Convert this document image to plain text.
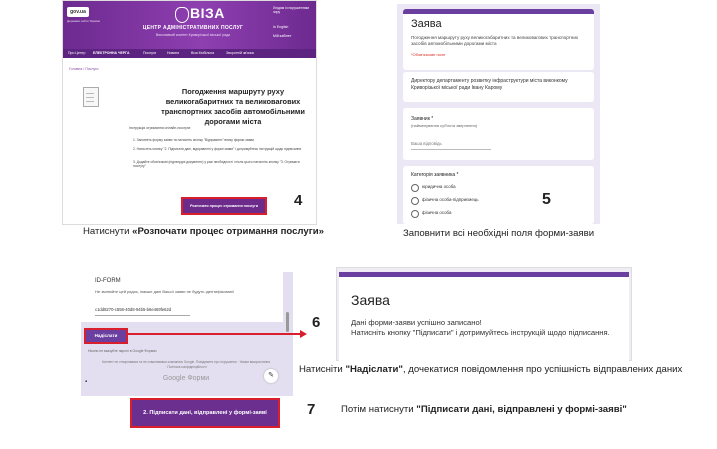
gov.ua
Державні сайти України	ВІЗА
ЦЕНТР АДМІНІСТРАТИВНИХ ПОСЛУГ
Виконавчий комітет Криворізької міської ради
Людям із порушенням зору
In English
Мій кабінет
Про Центр ЕЛЕКТРОННА ЧЕРГА	Послуги	Новини	Віза Мобільна	Зворотній зв'язок
Головна / Послуги
Погодження маршруту руху великогабаритних та великовагових транспортних засобів автомобільними дорогами міста
Інструкція отримання онлайн-послуги:
1. Заповніть форму заяви та натисніть кнопку "Відправити" внизу форми заяви
2. Натисніть кнопку "2. Підписати дані, відправлені у формі заяви" і дотримуйтесь інструкцій щодо підписання
3. Додайте обов'язкові (підтвердні документи) у разі необхідності і після цього натисніть кнопку "3. Отримати послугу"
Розпочати процес отримання послуги	4
Натиснути «Розпочати процес отримання послуги»
Заява
Погодження маршруту руху великогабаритних та великовагових транспортних засобів автомобільними дорогами міста
*Обов'язкове поле
Директору департаменту розвитку інфраструктури міста виконкому Криворізької міської ради Івану Карому
Заявник *
(найменування суб'єкта звернення)
Ваша відповідь
Категорія заявника *
юридична особа
фізична особа-підприємець
фізична особа
5
Заповнити всі необхідні поля форми-заяви
ID-FORM
Не змінюйте цей рядок, інакше дані Вашої заяви не будуть ідентифіковані!
c1dd8270-c558-40d8-94b5-b6e469fe62d
Надіслати
Ніколи не вказуйте паролі в Google Формах
Контент не створювався та не схвалювався компанією Google. Повідомити про порушення · Умови використання · Політика конфіденційності
Google Форми	✎
▪
6
Заява
Дані форми-заяви успішно записано!
Натисніть кнопку "Підписати" і дотримуйтесь інструкцій щодо підписання.
Натисніти "Надіслати", дочекатися повідомлення про успішність відправлених даних
2. Підписати дані, відправлені у формі-заяві	7	Потім натиснути "Підписати дані, відправлені у формі-заяві"
